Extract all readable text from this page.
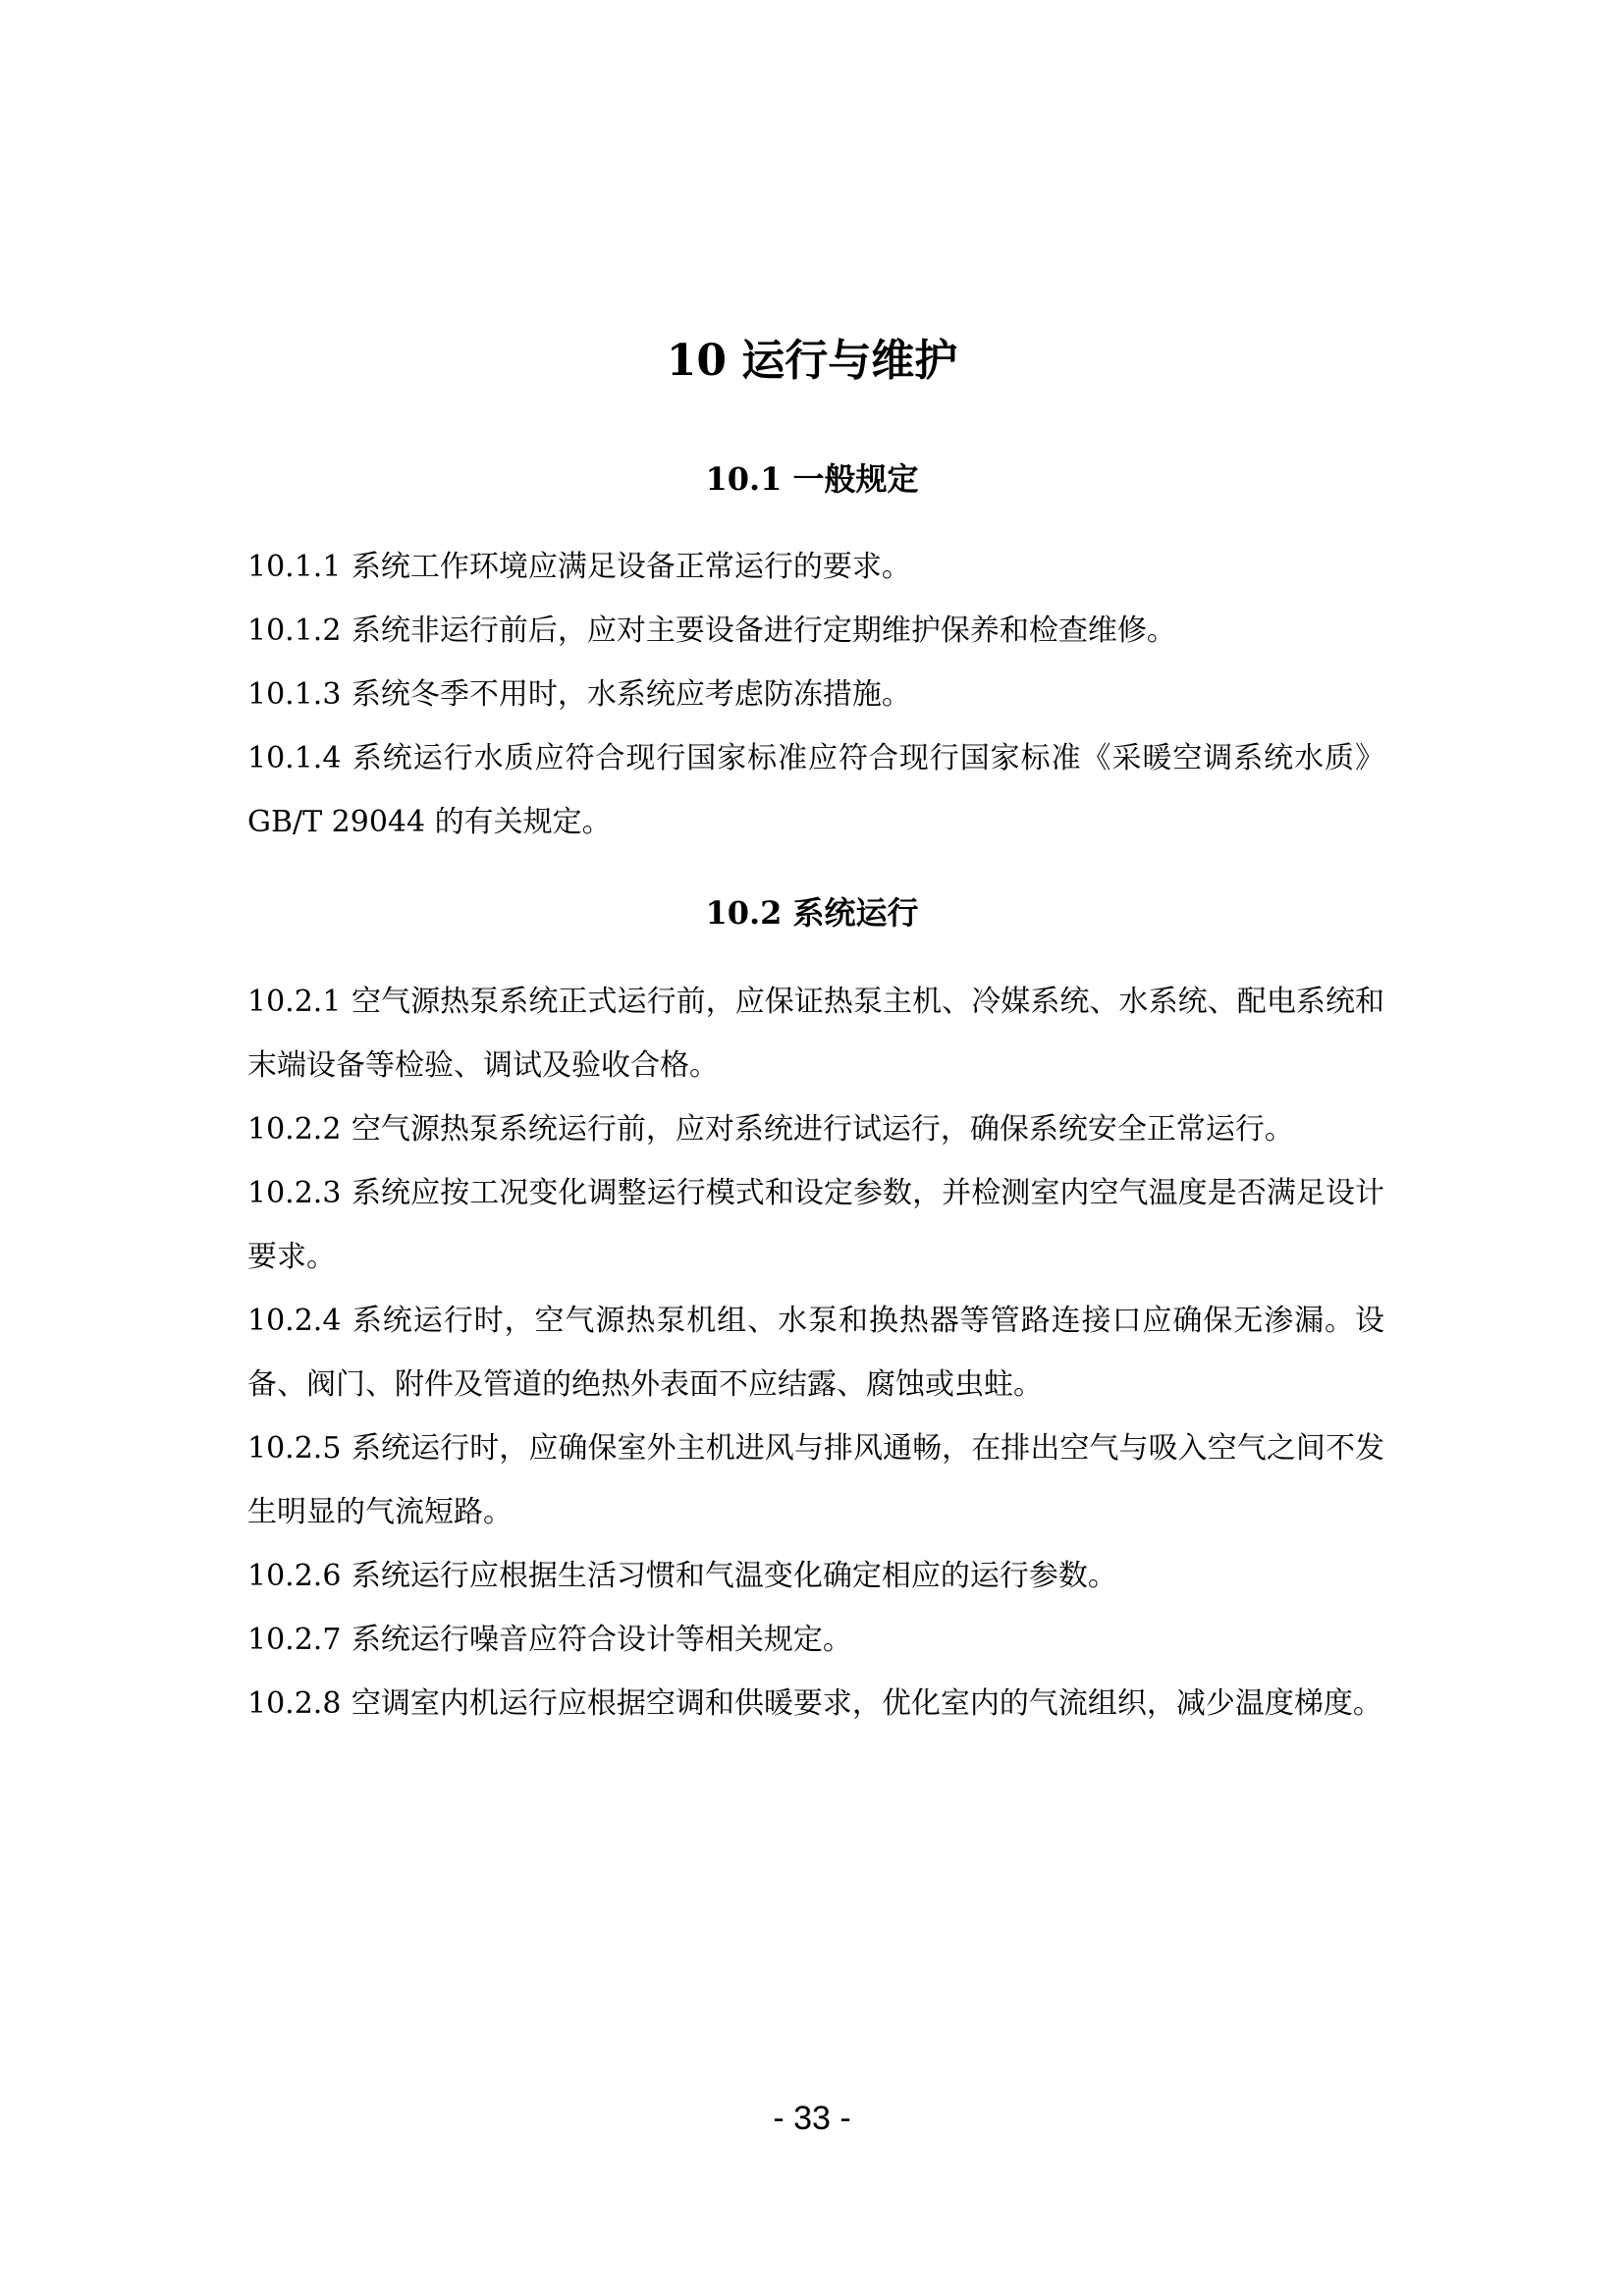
10 运行与维护
10.1 一般规定

10.1.1 系统工作环境应满足设备正常运行的要求。

10.1.2 系统非运行前后，应对主要设备进行定期维护保养和检查维修。

10.1.3 系统冬季不用时，水系统应考虑防冻措施。

10.1.4 系统运行水质应符合现行国家标准应符合现行国家标准《采暖空调系统水质》GB/T 29044 的有关规定。

10.2 系统运行

10.2.1 空气源热泵系统正式运行前，应保证热泵主机、冷媒系统、水系统、配电系统和末端设备等检验、调试及验收合格。

10.2.2 空气源热泵系统运行前，应对系统进行试运行，确保系统安全正常运行。

10.2.3 系统应按工况变化调整运行模式和设定参数，并检测室内空气温度是否满足设计要求。

10.2.4 系统运行时，空气源热泵机组、水泵和换热器等管路连接口应确保无渗漏。设备、阀门、附件及管道的绝热外表面不应结露、腐蚀或虫蛀。

10.2.5 系统运行时，应确保室外主机进风与排风通畅，在排出空气与吸入空气之间不发生明显的气流短路。

10.2.6 系统运行应根据生活习惯和气温变化确定相应的运行参数。

10.2.7 系统运行噪音应符合设计等相关规定。

10.2.8 空调室内机运行应根据空调和供暖要求，优化室内的气流组织，减少温度梯度。

- 33 -
